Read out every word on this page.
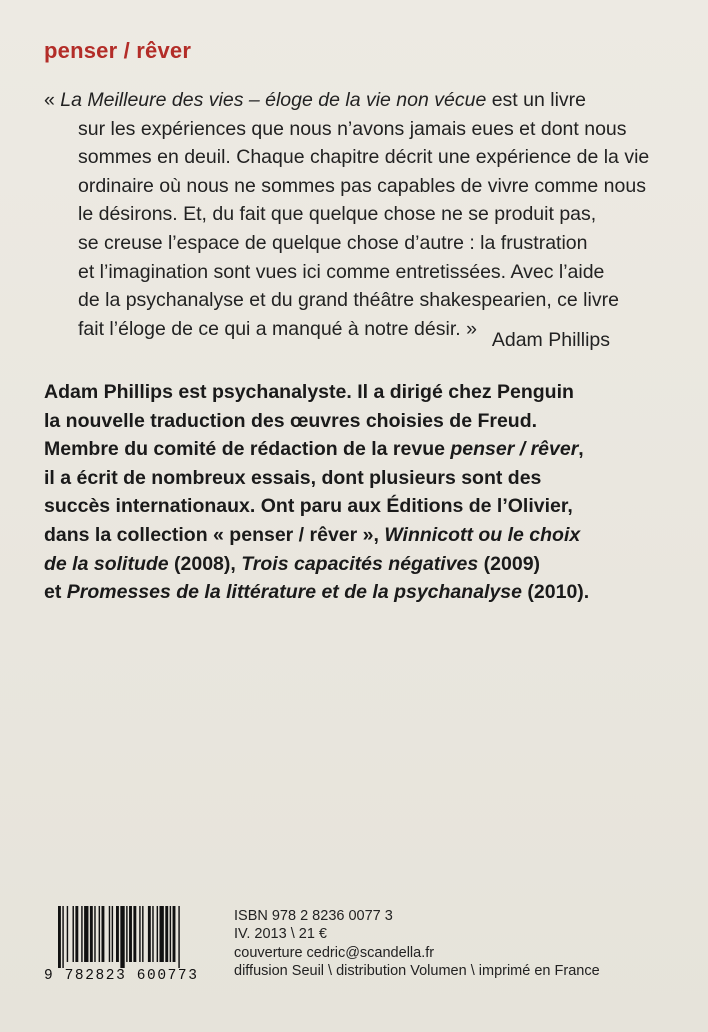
penser / rêver
« La Meilleure des vies – éloge de la vie non vécue est un livre
sur les expériences que nous n’avons jamais eues et dont nous
sommes en deuil. Chaque chapitre décrit une expérience de la vie
ordinaire où nous ne sommes pas capables de vivre comme nous
le désirons. Et, du fait que quelque chose ne se produit pas,
se creuse l’espace de quelque chose d’autre : la frustration
et l’imagination sont vues ici comme entretissées. Avec l’aide
de la psychanalyse et du grand théâtre shakespearien, ce livre
fait l’éloge de ce qui a manqué à notre désir. »
Adam Phillips
Adam Phillips est psychanalyste. Il a dirigé chez Penguin
la nouvelle traduction des œuvres choisies de Freud.
Membre du comité de rédaction de la revue penser / rêver,
il a écrit de nombreux essais, dont plusieurs sont des
succès internationaux. Ont paru aux Éditions de l’Olivier,
dans la collection « penser / rêver », Winnicott ou le choix
de la solitude (2008), Trois capacités négatives (2009)
et Promesses de la littérature et de la psychanalyse (2010).
9 782823 600773
ISBN 978 2 8236 0077 3
IV. 2013 \ 21 €
couverture cedric@scandella.fr
diffusion Seuil \ distribution Volumen \ imprimé en France
